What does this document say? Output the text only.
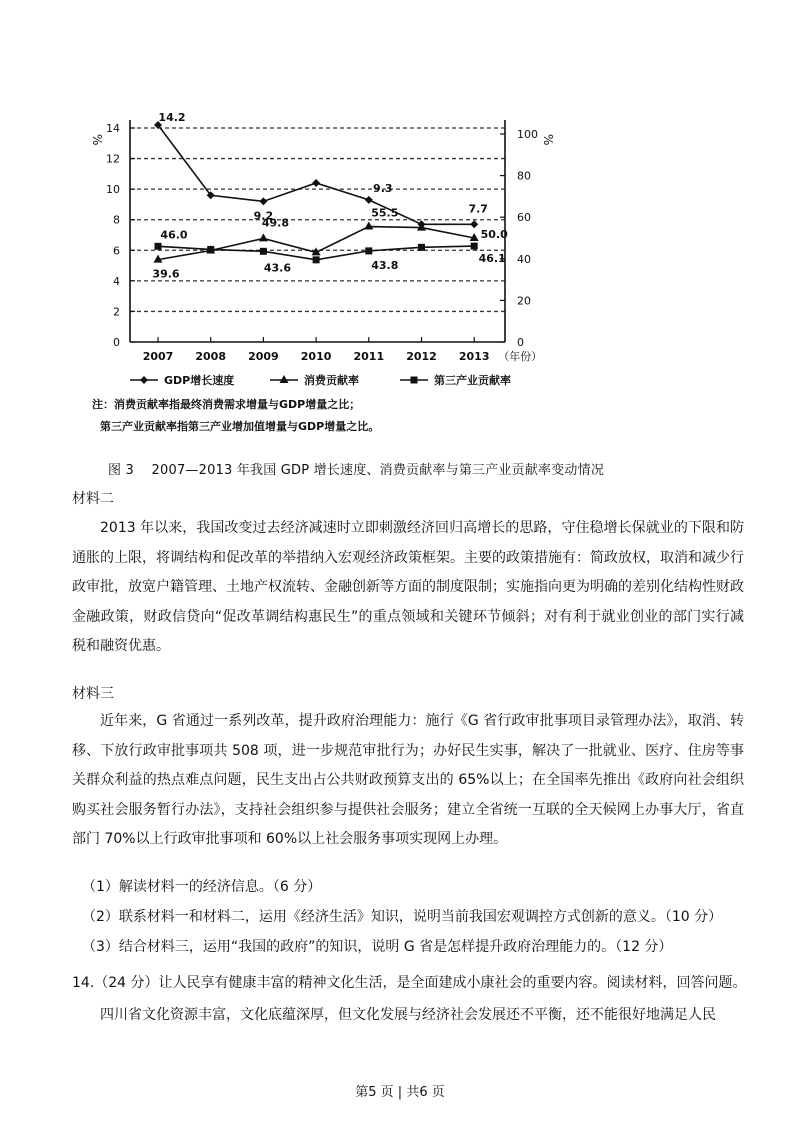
0
2
4
6
8
10
12
14
%
0
20
40
60
80
100 %
2007 2008 2009 2010 2011 2012 2013 （年份）
14.2
9.2
9.3
7.7
39.6
49.8
55.5
50.0
46.0
43.6	43.8
46.1
GDP增长速度	消费贡献率	第三产业贡献率
注：消费贡献率指最终消费需求增量与GDP增量之比；
第三产业贡献率指第三产业增加值增量与GDP增量之比。
图 3　 2007—2013 年我国 GDP 增长速度、消费贡献率与第三产业贡献率变动情况
材料二

2013 年以来，我国改变过去经济减速时立即刺激经济回归高增长的思路，守住稳增长保就业的下限和防通胀的上限，将调结构和促改革的举措纳入宏观经济政策框架。主要的政策措施有：简政放权，取消和减少行政审批，放宽户籍管理、土地产权流转、金融创新等方面的制度限制；实施指向更为明确的差别化结构性财政金融政策，财政信贷向“促改革调结构惠民生”的重点领域和关键环节倾斜；对有利于就业创业的部门实行减税和融资优惠。

材料三

近年来，G 省通过一系列改革，提升政府治理能力：施行《G 省行政审批事项目录管理办法》，取消、转移、下放行政审批事项共 508 项，进一步规范审批行为；办好民生实事，解决了一批就业、医疗、住房等事关群众利益的热点难点问题，民生支出占公共财政预算支出的 65%以上；在全国率先推出《政府向社会组织购买社会服务暂行办法》，支持社会组织参与提供社会服务；建立全省统一互联的全天候网上办事大厅，省直部门 70%以上行政审批事项和 60%以上社会服务事项实现网上办理。

（1）解读材料一的经济信息。（6 分）
（2）联系材料一和材料二，运用《经济生活》知识，说明当前我国宏观调控方式创新的意义。（10 分）
（3）结合材料三，运用“我国的政府”的知识，说明 G 省是怎样提升政府治理能力的。（12 分）
14.（24 分）让人民享有健康丰富的精神文化生活，是全面建成小康社会的重要内容。阅读材料，回答问题。
四川省文化资源丰富，文化底蕴深厚，但文化发展与经济社会发展还不平衡，还不能很好地满足人民
第5 页 | 共6 页
